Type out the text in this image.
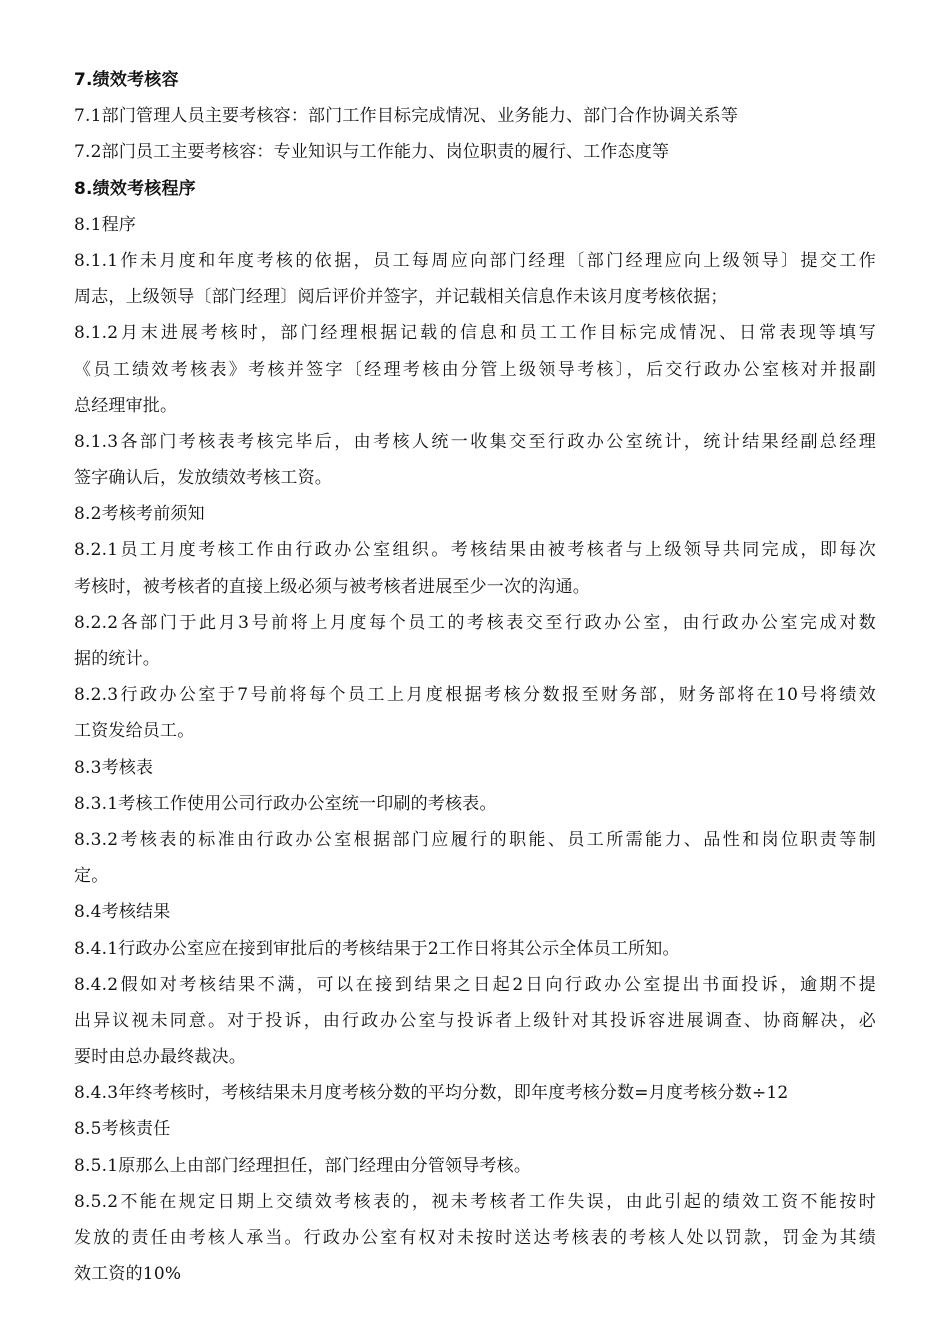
7.绩效考核容
7.1部门管理人员主要考核容：部门工作目标完成情况、业务能力、部门合作协调关系等
7.2部门员工主要考核容：专业知识与工作能力、岗位职责的履行、工作态度等
8.绩效考核程序
8.1程序
8.1.1作未月度和年度考核的依据，员工每周应向部门经理〔部门经理应向上级领导〕提交工作
周志，上级领导〔部门经理〕阅后评价并签字，并记载相关信息作未该月度考核依据；
8.1.2月末进展考核时，部门经理根据记载的信息和员工工作目标完成情况、日常表现等填写
《员工绩效考核表》考核并签字〔经理考核由分管上级领导考核〕，后交行政办公室核对并报副
总经理审批。
8.1.3各部门考核表考核完毕后，由考核人统一收集交至行政办公室统计，统计结果经副总经理
签字确认后，发放绩效考核工资。
8.2考核考前须知
8.2.1员工月度考核工作由行政办公室组织。考核结果由被考核者与上级领导共同完成，即每次
考核时，被考核者的直接上级必须与被考核者进展至少一次的沟通。
8.2.2各部门于此月3号前将上月度每个员工的考核表交至行政办公室，由行政办公室完成对数
据的统计。
8.2.3行政办公室于7号前将每个员工上月度根据考核分数报至财务部，财务部将在10号将绩效
工资发给员工。
8.3考核表
8.3.1考核工作使用公司行政办公室统一印刷的考核表。
8.3.2考核表的标准由行政办公室根据部门应履行的职能、员工所需能力、品性和岗位职责等制
定。
8.4考核结果
8.4.1行政办公室应在接到审批后的考核结果于2工作日将其公示全体员工所知。
8.4.2假如对考核结果不满，可以在接到结果之日起2日向行政办公室提出书面投诉，逾期不提
出异议视未同意。对于投诉，由行政办公室与投诉者上级针对其投诉容进展调查、协商解决，必
要时由总办最终裁决。
8.4.3年终考核时，考核结果未月度考核分数的平均分数，即年度考核分数=月度考核分数÷12
8.5考核责任
8.5.1原那么上由部门经理担任，部门经理由分管领导考核。
8.5.2不能在规定日期上交绩效考核表的，视未考核者工作失误，由此引起的绩效工资不能按时
发放的责任由考核人承当。行政办公室有权对未按时送达考核表的考核人处以罚款，罚金为其绩
效工资的10%
